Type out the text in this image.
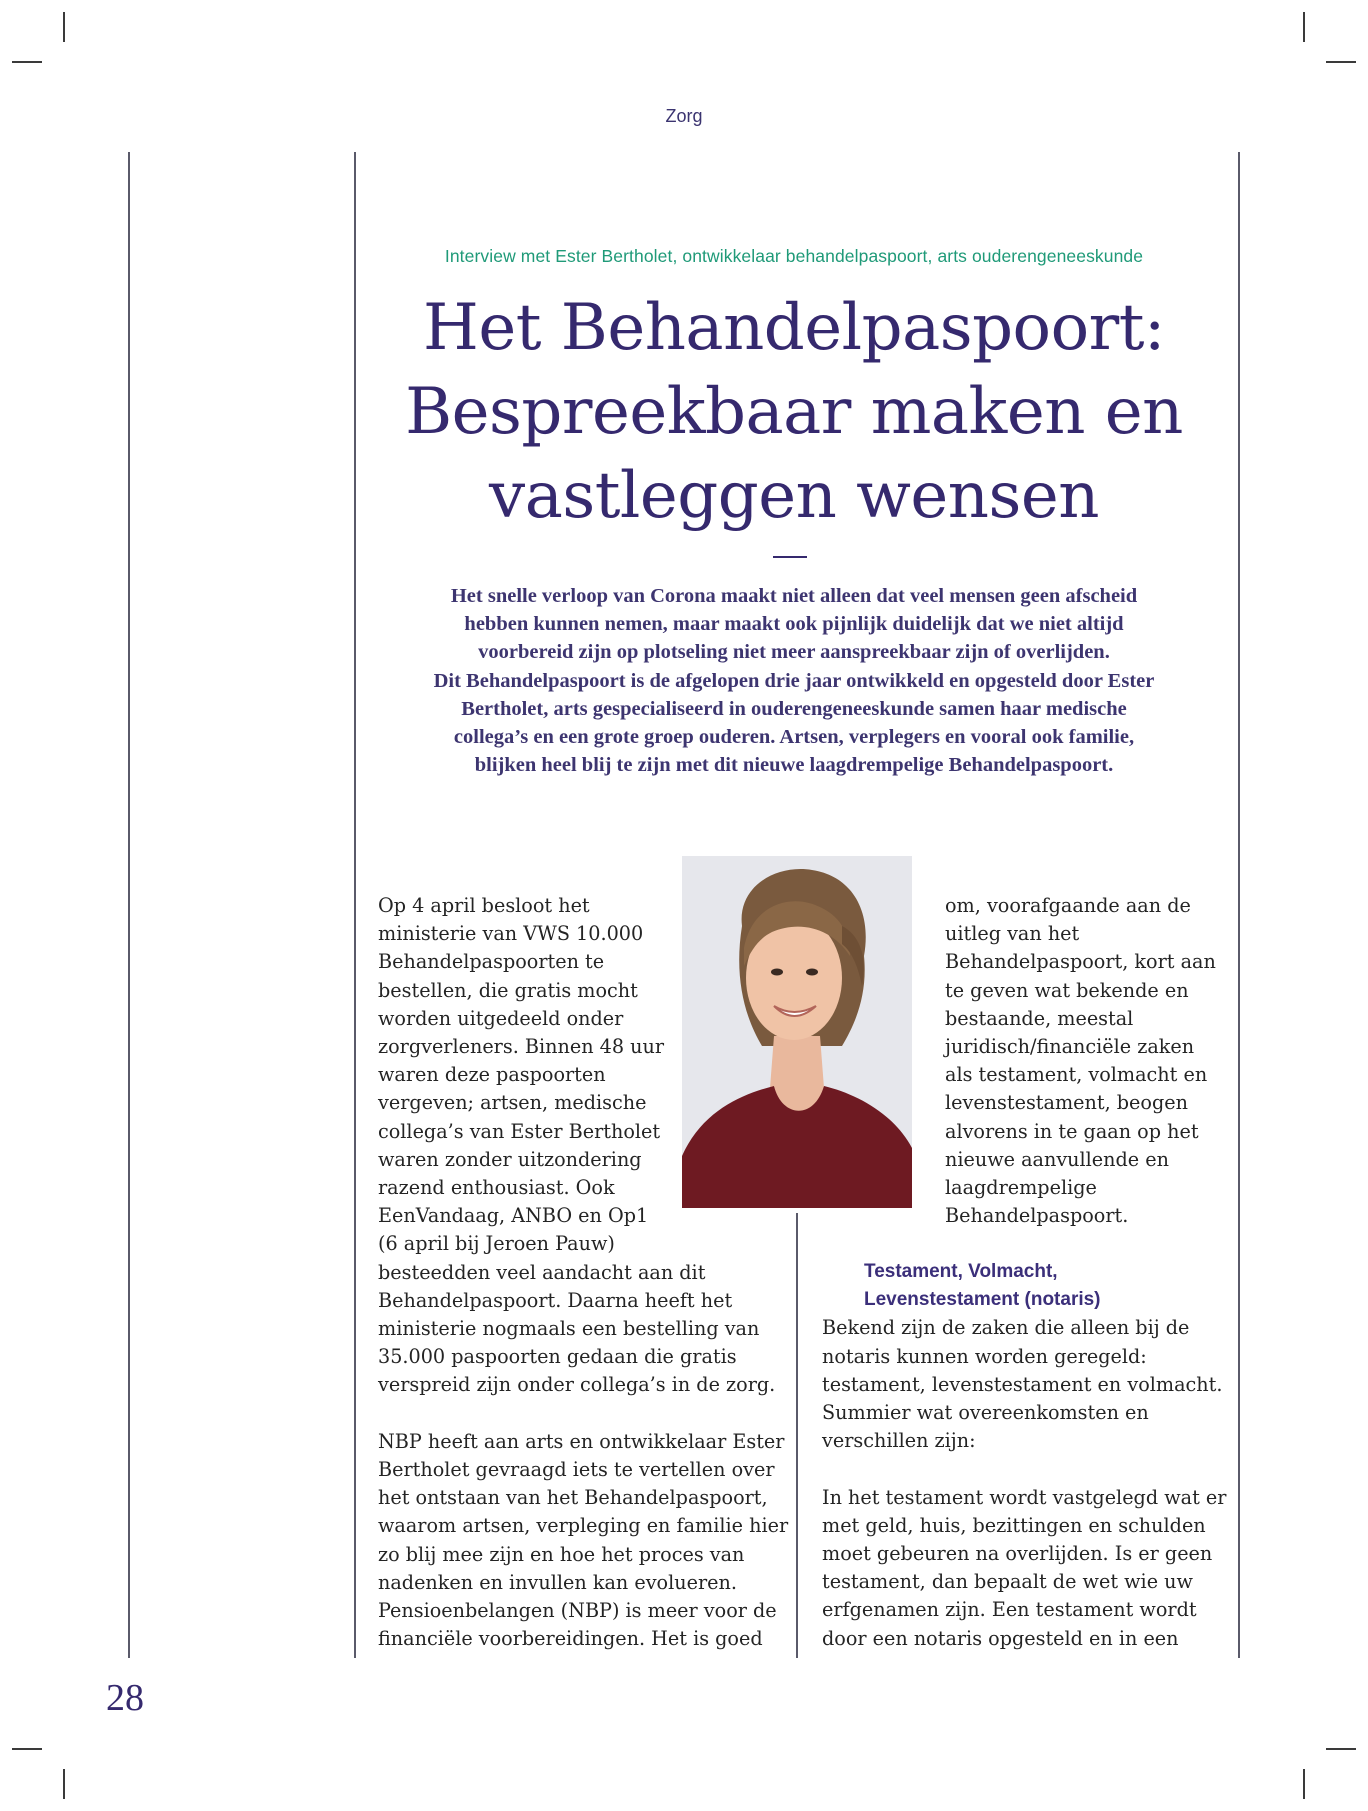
Zorg
Interview met Ester Bertholet, ontwikkelaar behandelpaspoort, arts ouderengeneeskunde
Het Behandelpaspoort:
Bespreekbaar maken en
vastleggen wensen

Het snelle verloop van Corona maakt niet alleen dat veel mensen geen afscheid
hebben kunnen nemen, maar maakt ook pijnlijk duidelijk dat we niet altijd
voorbereid zijn op plotseling niet meer aanspreekbaar zijn of overlijden.
Dit Behandelpaspoort is de afgelopen drie jaar ontwikkeld en opgesteld door Ester
Bertholet, arts gespecialiseerd in ouderengeneeskunde samen haar medische
collega’s en een grote groep ouderen. Artsen, verplegers en vooral ook familie,
blijken heel blij te zijn met dit nieuwe laagdrempelige Behandelpaspoort.

Op 4 april besloot het
ministerie van VWS 10.000
Behandelpaspoorten te
bestellen, die gratis mocht
worden uitgedeeld onder
zorgverleners. Binnen 48 uur
waren deze paspoorten
vergeven; artsen, medische
collega’s van Ester Bertholet
waren zonder uitzondering
razend enthousiast. Ook
EenVandaag, ANBO en Op1
(6 april bij Jeroen Pauw)
besteedden veel aandacht aan dit
Behandelpaspoort. Daarna heeft het
ministerie nogmaals een bestelling van
35.000 paspoorten gedaan die gratis
verspreid zijn onder collega’s in de zorg.

NBP heeft aan arts en ontwikkelaar Ester
Bertholet gevraagd iets te vertellen over
het ontstaan van het Behandelpaspoort,
waarom artsen, verpleging en familie hier
zo blij mee zijn en hoe het proces van
nadenken en invullen kan evolueren.
Pensioenbelangen (NBP) is meer voor de
financiële voorbereidingen. Het is goed
om, voorafgaande aan de
uitleg van het
Behandelpaspoort, kort aan
te geven wat bekende en
bestaande, meestal
juridisch/financiële zaken
als testament, volmacht en
levenstestament, beogen
alvorens in te gaan op het
nieuwe aanvullende en
laagdrempelige
Behandelpaspoort.
Testament, Volmacht,
Levenstestament (notaris)
Bekend zijn de zaken die alleen bij de
notaris kunnen worden geregeld:
testament, levenstestament en volmacht.
Summier wat overeenkomsten en
verschillen zijn:

In het testament wordt vastgelegd wat er
met geld, huis, bezittingen en schulden
moet gebeuren na overlijden. Is er geen
testament, dan bepaalt de wet wie uw
erfgenamen zijn. Een testament wordt
door een notaris opgesteld en in een
28
